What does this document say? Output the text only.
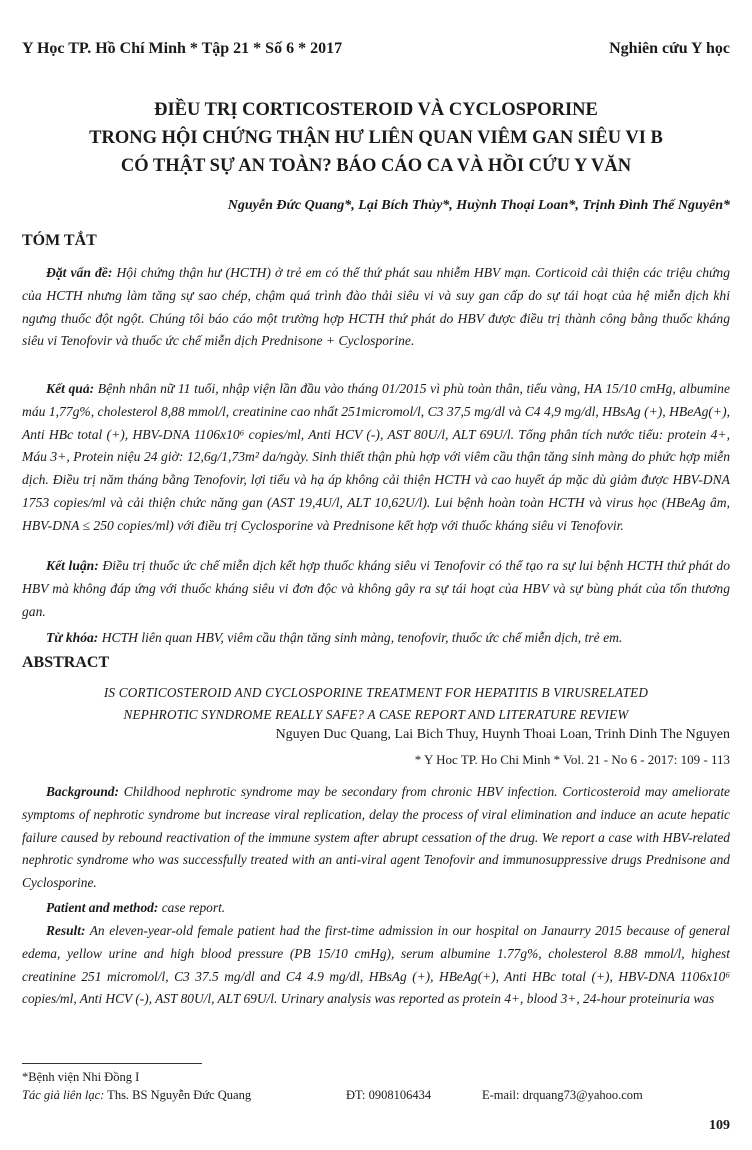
Y Học TP. Hồ Chí Minh * Tập 21 * Số 6 * 2017	Nghiên cứu Y học
ĐIỀU TRỊ CORTICOSTEROID VÀ CYCLOSPORINE
TRONG HỘI CHỨNG THẬN HƯ LIÊN QUAN VIÊM GAN SIÊU VI B
CÓ THẬT SỰ AN TOÀN? BÁO CÁO CA VÀ HỒI CỨU Y VĂN
Nguyễn Đức Quang*, Lại Bích Thủy*, Huỳnh Thoại Loan*, Trịnh Đình Thế Nguyên*
TÓM TẮT
Đặt vấn đề: Hội chứng thận hư (HCTH) ở trẻ em có thể thứ phát sau nhiễm HBV mạn. Corticoid cải thiện các triệu chứng của HCTH nhưng làm tăng sự sao chép, chậm quá trình đào thải siêu vi và suy gan cấp do sự tái hoạt của hệ miễn dịch khi ngưng thuốc đột ngột. Chúng tôi báo cáo một trường hợp HCTH thứ phát do HBV được điều trị thành công bằng thuốc kháng siêu vi Tenofovir và thuốc ức chế miễn dịch Prednisone + Cyclosporine.
Kết quả: Bệnh nhân nữ 11 tuổi, nhập viện lần đầu vào tháng 01/2015 vì phù toàn thân, tiểu vàng, HA 15/10 cmHg, albumine máu 1,77g%, cholesterol 8,88 mmol/l, creatinine cao nhất 251micromol/l, C3 37,5 mg/dl và C4 4,9 mg/dl, HBsAg (+), HBeAg(+), Anti HBc total (+), HBV-DNA 1106x10⁶ copies/ml, Anti HCV (-), AST 80U/l, ALT 69U/l. Tổng phân tích nước tiểu: protein 4+, Máu 3+, Protein niệu 24 giờ: 12,6g/1,73m² da/ngày. Sinh thiết thận phù hợp với viêm cầu thận tăng sinh màng do phức hợp miễn dịch. Điều trị năm tháng bằng Tenofovir, lợi tiểu và hạ áp không cải thiện HCTH và cao huyết áp mặc dù giảm được HBV-DNA 1753 copies/ml và cải thiện chức năng gan (AST 19,4U/l, ALT 10,62U/l). Lui bệnh hoàn toàn HCTH và virus học (HBeAg âm, HBV-DNA ≤ 250 copies/ml) với điều trị Cyclosporine và Prednisone kết hợp với thuốc kháng siêu vi Tenofovir.
Kết luận: Điều trị thuốc ức chế miễn dịch kết hợp thuốc kháng siêu vi Tenofovir có thể tạo ra sự lui bệnh HCTH thứ phát do HBV mà không đáp ứng với thuốc kháng siêu vi đơn độc và không gây ra sự tái hoạt của HBV và sự bùng phát của tổn thương gan.
Từ khóa: HCTH liên quan HBV, viêm cầu thận tăng sinh màng, tenofovir, thuốc ức chế miễn dịch, trẻ em.
ABSTRACT
IS CORTICOSTEROID AND CYCLOSPORINE TREATMENT FOR HEPATITIS B VIRUSRELATED
NEPHROTIC SYNDROME REALLY SAFE? A CASE REPORT AND LITERATURE REVIEW
Nguyen Duc Quang, Lai Bich Thuy, Huynh Thoai Loan, Trinh Dinh The Nguyen
* Y Hoc TP. Ho Chi Minh * Vol. 21 - No 6 - 2017: 109 - 113
Background: Childhood nephrotic syndrome may be secondary from chronic HBV infection. Corticosteroid may ameliorate symptoms of nephrotic syndrome but increase viral replication, delay the process of viral elimination and induce an acute hepatic failure caused by rebound reactivation of the immune system after abrupt cessation of the drug. We report a case with HBV-related nephrotic syndrome who was successfully treated with an anti-viral agent Tenofovir and immunosuppressive drugs Prednisone and Cyclosporine.
Patient and method: case report.
Result: An eleven-year-old female patient had the first-time admission in our hospital on Janaurry 2015 because of general edema, yellow urine and high blood pressure (PB 15/10 cmHg), serum albumine 1.77g%, cholesterol 8.88 mmol/l, highest creatinine 251 micromol/l, C3 37.5 mg/dl and C4 4.9 mg/dl, HBsAg (+), HBeAg(+), Anti HBc total (+), HBV-DNA 1106x10⁶ copies/ml, Anti HCV (-), AST 80U/l, ALT 69U/l. Urinary analysis was reported as protein 4+, blood 3+, 24-hour proteinuria was
*Bệnh viện Nhi Đồng I
Tác giả liên lạc: Ths. BS Nguyễn Đức Quang	ĐT: 0908106434	E-mail: drquang73@yahoo.com
109
